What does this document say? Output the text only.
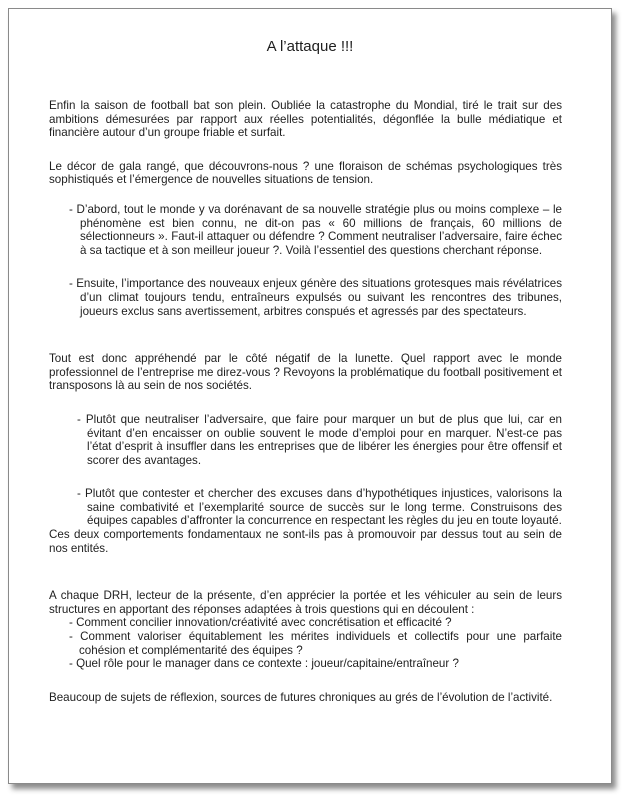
A l’attaque !!!

Enfin la saison de football bat son plein. Oubliée la catastrophe du Mondial, tiré le trait sur des ambitions démesurées par rapport aux réelles potentialités, dégonflée la bulle médiatique et financière autour d’un groupe friable et surfait.

Le décor de gala rangé, que découvrons-nous ? une floraison de schémas psychologiques très sophistiqués et l’émergence de nouvelles situations de tension.

- D’abord, tout le monde y va dorénavant de sa nouvelle stratégie plus ou moins complexe – le phénomène est bien connu, ne dit-on pas « 60 millions de français, 60 millions de sélectionneurs ». Faut-il attaquer ou défendre ? Comment neutraliser l’adversaire, faire échec à sa tactique et à son meilleur joueur ?. Voilà l’essentiel des questions cherchant réponse.

- Ensuite, l’importance des nouveaux enjeux génère des situations grotesques mais révélatrices d’un climat toujours tendu, entraîneurs expulsés ou suivant les rencontres des tribunes, joueurs exclus sans avertissement, arbitres conspués et agressés par des spectateurs.

Tout est donc appréhendé par le côté négatif de la lunette. Quel rapport avec le monde professionnel de l’entreprise me direz-vous ? Revoyons la problématique du football positivement et transposons là au sein de nos sociétés.

- Plutôt que neutraliser l’adversaire, que faire pour marquer un but de plus que lui, car en évitant d’en encaisser on oublie souvent le mode d’emploi pour en marquer. N’est-ce pas l’état d’esprit à insuffler dans les entreprises que de libérer les énergies pour être offensif et scorer des avantages.

- Plutôt que contester et chercher des excuses dans d’hypothétiques injustices, valorisons la saine combativité et l’exemplarité source de succès sur le long terme. Construisons des équipes capables d’affronter la concurrence en respectant les règles du jeu en toute loyauté.

Ces deux comportements fondamentaux ne sont-ils pas à promouvoir par dessus tout au sein de nos entités.

A chaque DRH, lecteur de la présente, d’en apprécier la portée et les véhiculer au sein de leurs structures en apportant des réponses adaptées à trois questions qui en découlent :

- Comment concilier innovation/créativité avec concrétisation et efficacité ?

- Comment valoriser équitablement les mérites individuels et collectifs pour une parfaite cohésion et complémentarité des équipes ?

- Quel rôle pour le manager dans ce contexte : joueur/capitaine/entraîneur ?

Beaucoup de sujets de réflexion, sources de futures chroniques au grés de l’évolution de l’activité.
